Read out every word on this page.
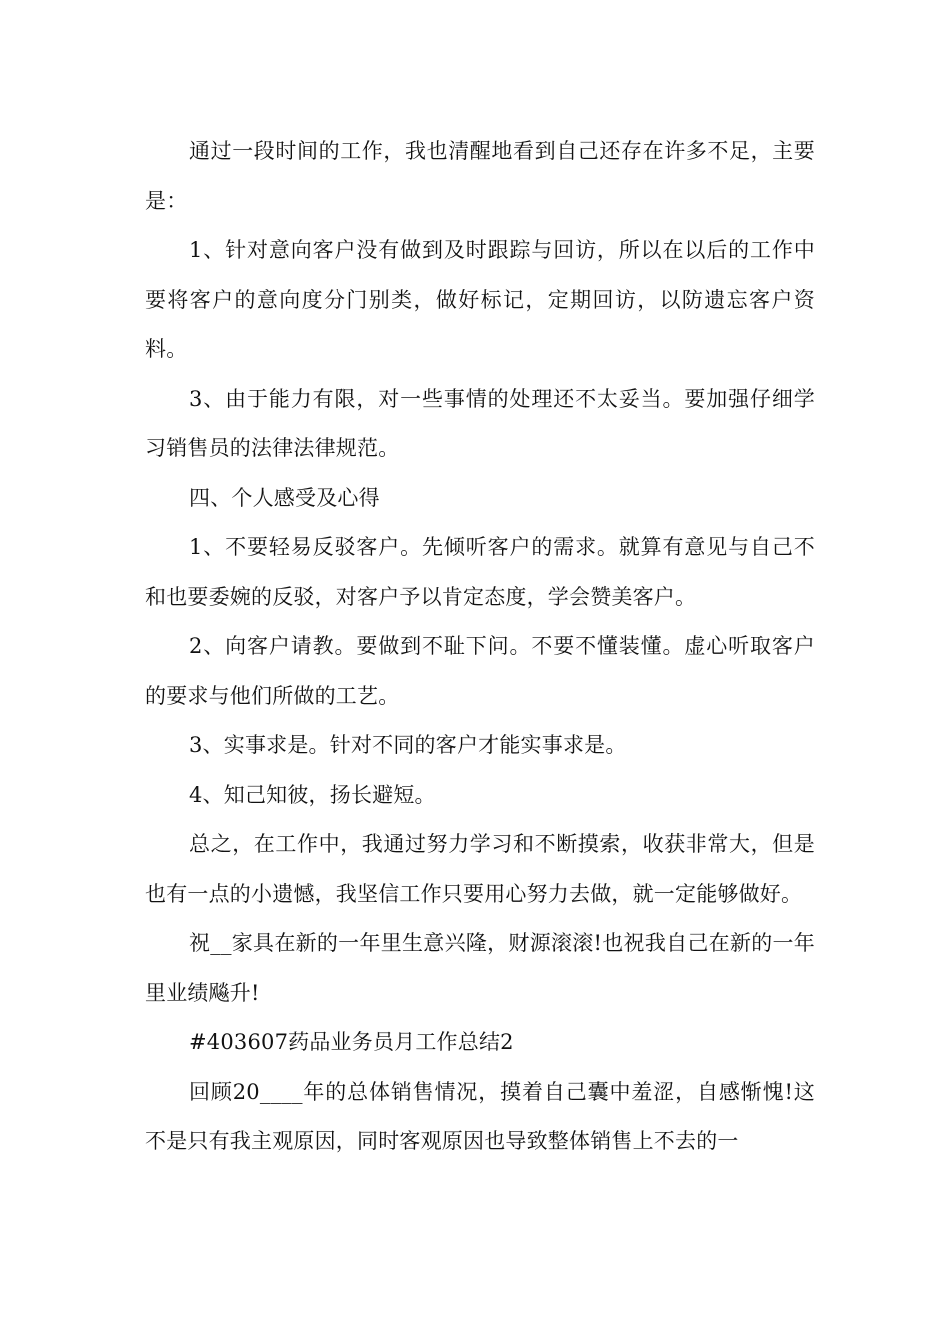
通过一段时间的工作，我也清醒地看到自己还存在许多不足，主要是：

1、针对意向客户没有做到及时跟踪与回访，所以在以后的工作中要将客户的意向度分门别类，做好标记，定期回访，以防遗忘客户资料。

3、由于能力有限，对一些事情的处理还不太妥当。要加强仔细学习销售员的法律法律规范。

四、个人感受及心得

1、不要轻易反驳客户。先倾听客户的需求。就算有意见与自己不和也要委婉的反驳，对客户予以肯定态度，学会赞美客户。

2、向客户请教。要做到不耻下问。不要不懂装懂。虚心听取客户的要求与他们所做的工艺。

3、实事求是。针对不同的客户才能实事求是。

4、知己知彼，扬长避短。

总之，在工作中，我通过努力学习和不断摸索，收获非常大，但是也有一点的小遗憾，我坚信工作只要用心努力去做，就一定能够做好。

祝__家具在新的一年里生意兴隆，财源滚滚!也祝我自己在新的一年里业绩飚升!

#403607药品业务员月工作总结2

回顾20____年的总体销售情况，摸着自己囊中羞涩，自感惭愧!这不是只有我主观原因，同时客观原因也导致整体销售上不去的一
